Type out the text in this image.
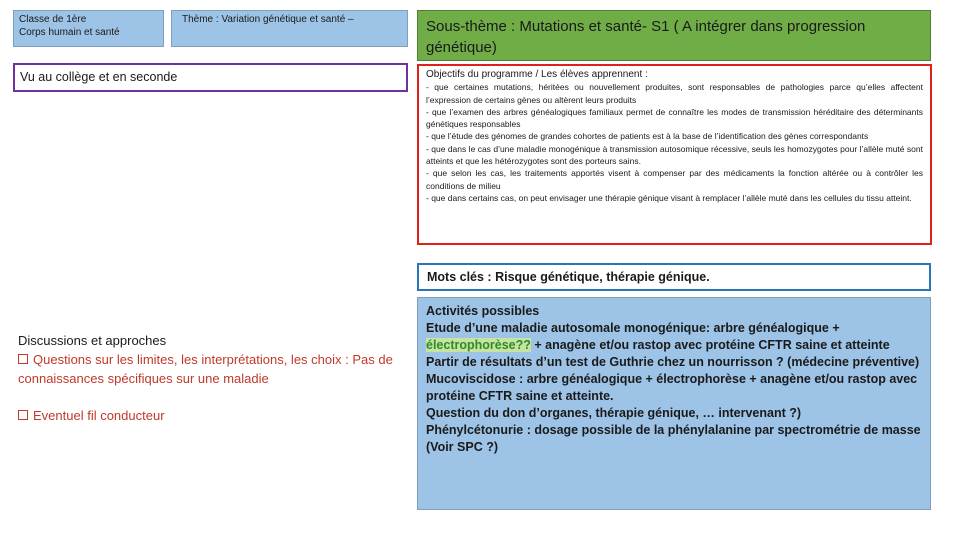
Classe de 1ère
Corps humain et santé
Thème : Variation génétique et santé –
Vu au collège et en seconde
Sous-thème : Mutations et santé- S1 ( A intégrer dans progression génétique)
Objectifs du programme / Les élèves apprennent :
- que certaines mutations, héritées ou nouvellement produites, sont responsables de pathologies parce qu’elles affectent l’expression de certains gènes ou altèrent leurs produits
- que l’examen des arbres généalogiques familiaux permet de connaître les modes de transmission héréditaire des déterminants génétiques responsables
- que l’étude des génomes de grandes cohortes de patients est à la base de l’identification des gènes correspondants
- que dans le cas d’une maladie monogénique à transmission autosomique récessive, seuls les homozygotes pour l’allèle muté sont atteints et que les hétérozygotes sont des porteurs sains.
- que selon les cas, les traitements apportés visent à compenser par des médicaments la fonction altérée ou à contrôler les conditions de milieu
- que dans certains cas, on peut envisager une thérapie génique visant à remplacer l’allèle muté dans les cellules du tissu atteint.
Mots clés : Risque génétique, thérapie génique.

Discussions et approches

Questions sur les limites, les interprétations, les choix : Pas de connaissances spécifiques sur une maladie

Eventuel fil conducteur

Activités possibles

Etude d’une maladie autosomale monogénique: arbre généalogique + électrophorèse?? + anagène et/ou rastop avec protéine CFTR saine et atteinte

Partir de résultats d’un test de Guthrie chez un nourrisson ? (médecine préventive)

Mucoviscidose : arbre généalogique + électrophorèse + anagène et/ou rastop avec protéine CFTR saine et atteinte.

Question du don d’organes, thérapie génique, … intervenant ?)

Phénylcétonurie : dosage possible de la phénylalanine par spectrométrie de masse (Voir SPC ?)
